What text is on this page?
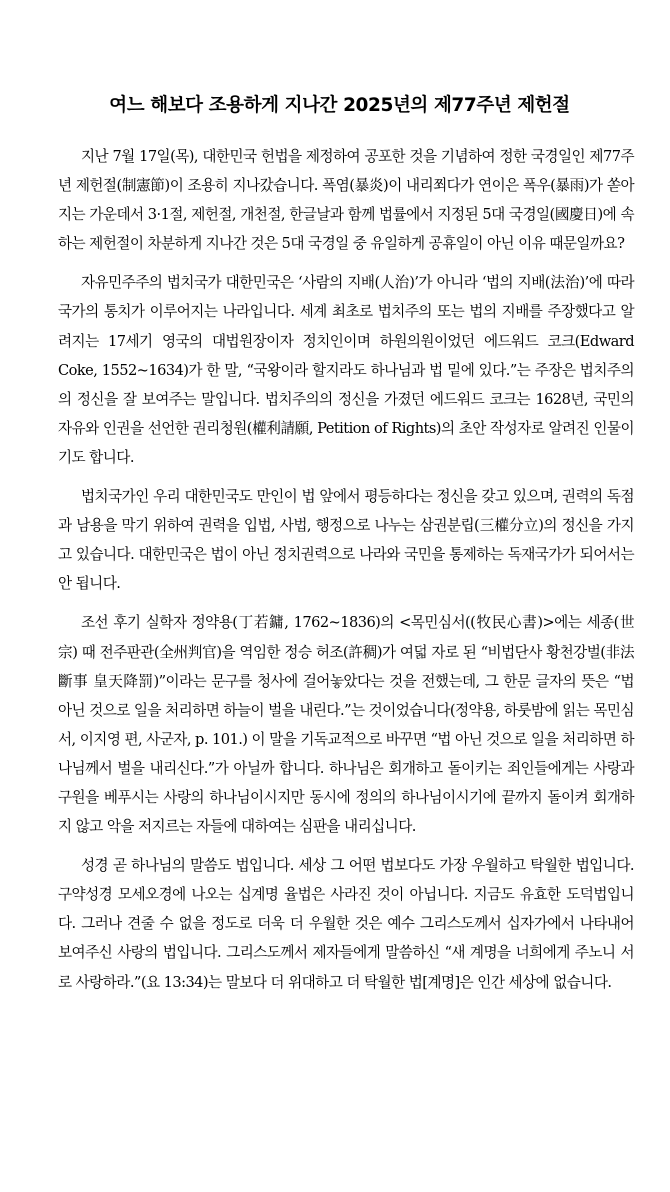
여느 해보다 조용하게 지나간 2025년의 제77주년 제헌절

지난 7월 17일(목), 대한민국 헌법을 제정하여 공포한 것을 기념하여 정한 국경일인 제77주년 제헌절(制憲節)이 조용히 지나갔습니다. 폭염(暴炎)이 내리쬐다가 연이은 폭우(暴雨)가 쏟아지는 가운데서 3·1절, 제헌절, 개천절, 한글날과 함께 법률에서 지정된 5대 국경일(國慶日)에 속하는 제헌절이 차분하게 지나간 것은 5대 국경일 중 유일하게 공휴일이 아닌 이유 때문일까요?

자유민주주의 법치국가 대한민국은 ‘사람의 지배(人治)’가 아니라 ‘법의 지배(法治)’에 따라 국가의 통치가 이루어지는 나라입니다. 세계 최초로 법치주의 또는 법의 지배를 주장했다고 알려지는 17세기 영국의 대법원장이자 정치인이며 하원의원이었던 에드워드 코크(Edward Coke, 1552~1634)가 한 말, “국왕이라 할지라도 하나님과 법 밑에 있다.”는 주장은 법치주의의 정신을 잘 보여주는 말입니다. 법치주의의 정신을 가졌던 에드워드 코크는 1628년, 국민의 자유와 인권을 선언한 권리청원(權利請願, Petition of Rights)의 초안 작성자로 알려진 인물이기도 합니다.

법치국가인 우리 대한민국도 만인이 법 앞에서 평등하다는 정신을 갖고 있으며, 권력의 독점과 남용을 막기 위하여 권력을 입법, 사법, 행정으로 나누는 삼권분립(三權分立)의 정신을 가지고 있습니다. 대한민국은 법이 아닌 정치권력으로 나라와 국민을 통제하는 독재국가가 되어서는 안 됩니다.

조선 후기 실학자 정약용(丁若鏞, 1762~1836)의 <목민심서((牧民心書)>에는 세종(世宗) 때 전주판관(全州判官)을 역임한 정승 허조(許稠)가 여덟 자로 된 “비법단사 황천강벌(非法斷事 皇天降罰)”이라는 문구를 청사에 걸어놓았다는 것을 전했는데, 그 한문 글자의 뜻은 “법 아닌 것으로 일을 처리하면 하늘이 벌을 내린다.”는 것이었습니다(정약용, 하룻밤에 읽는 목민심서, 이지영 편, 사군자, p. 101.) 이 말을 기독교적으로 바꾸면 “법 아닌 것으로 일을 처리하면 하나님께서 벌을 내리신다.”가 아닐까 합니다. 하나님은 회개하고 돌이키는 죄인들에게는 사랑과 구원을 베푸시는 사랑의 하나님이시지만 동시에 정의의 하나님이시기에 끝까지 돌이켜 회개하지 않고 악을 저지르는 자들에 대하여는 심판을 내리십니다.

성경 곧 하나님의 말씀도 법입니다. 세상 그 어떤 법보다도 가장 우월하고 탁월한 법입니다. 구약성경 모세오경에 나오는 십계명 율법은 사라진 것이 아닙니다. 지금도 유효한 도덕법입니다. 그러나 견줄 수 없을 정도로 더욱 더 우월한 것은 예수 그리스도께서 십자가에서 나타내어 보여주신 사랑의 법입니다. 그리스도께서 제자들에게 말씀하신 “새 계명을 너희에게 주노니 서로 사랑하라.”(요 13:34)는 말보다 더 위대하고 더 탁월한 법[계명]은 인간 세상에 없습니다.
